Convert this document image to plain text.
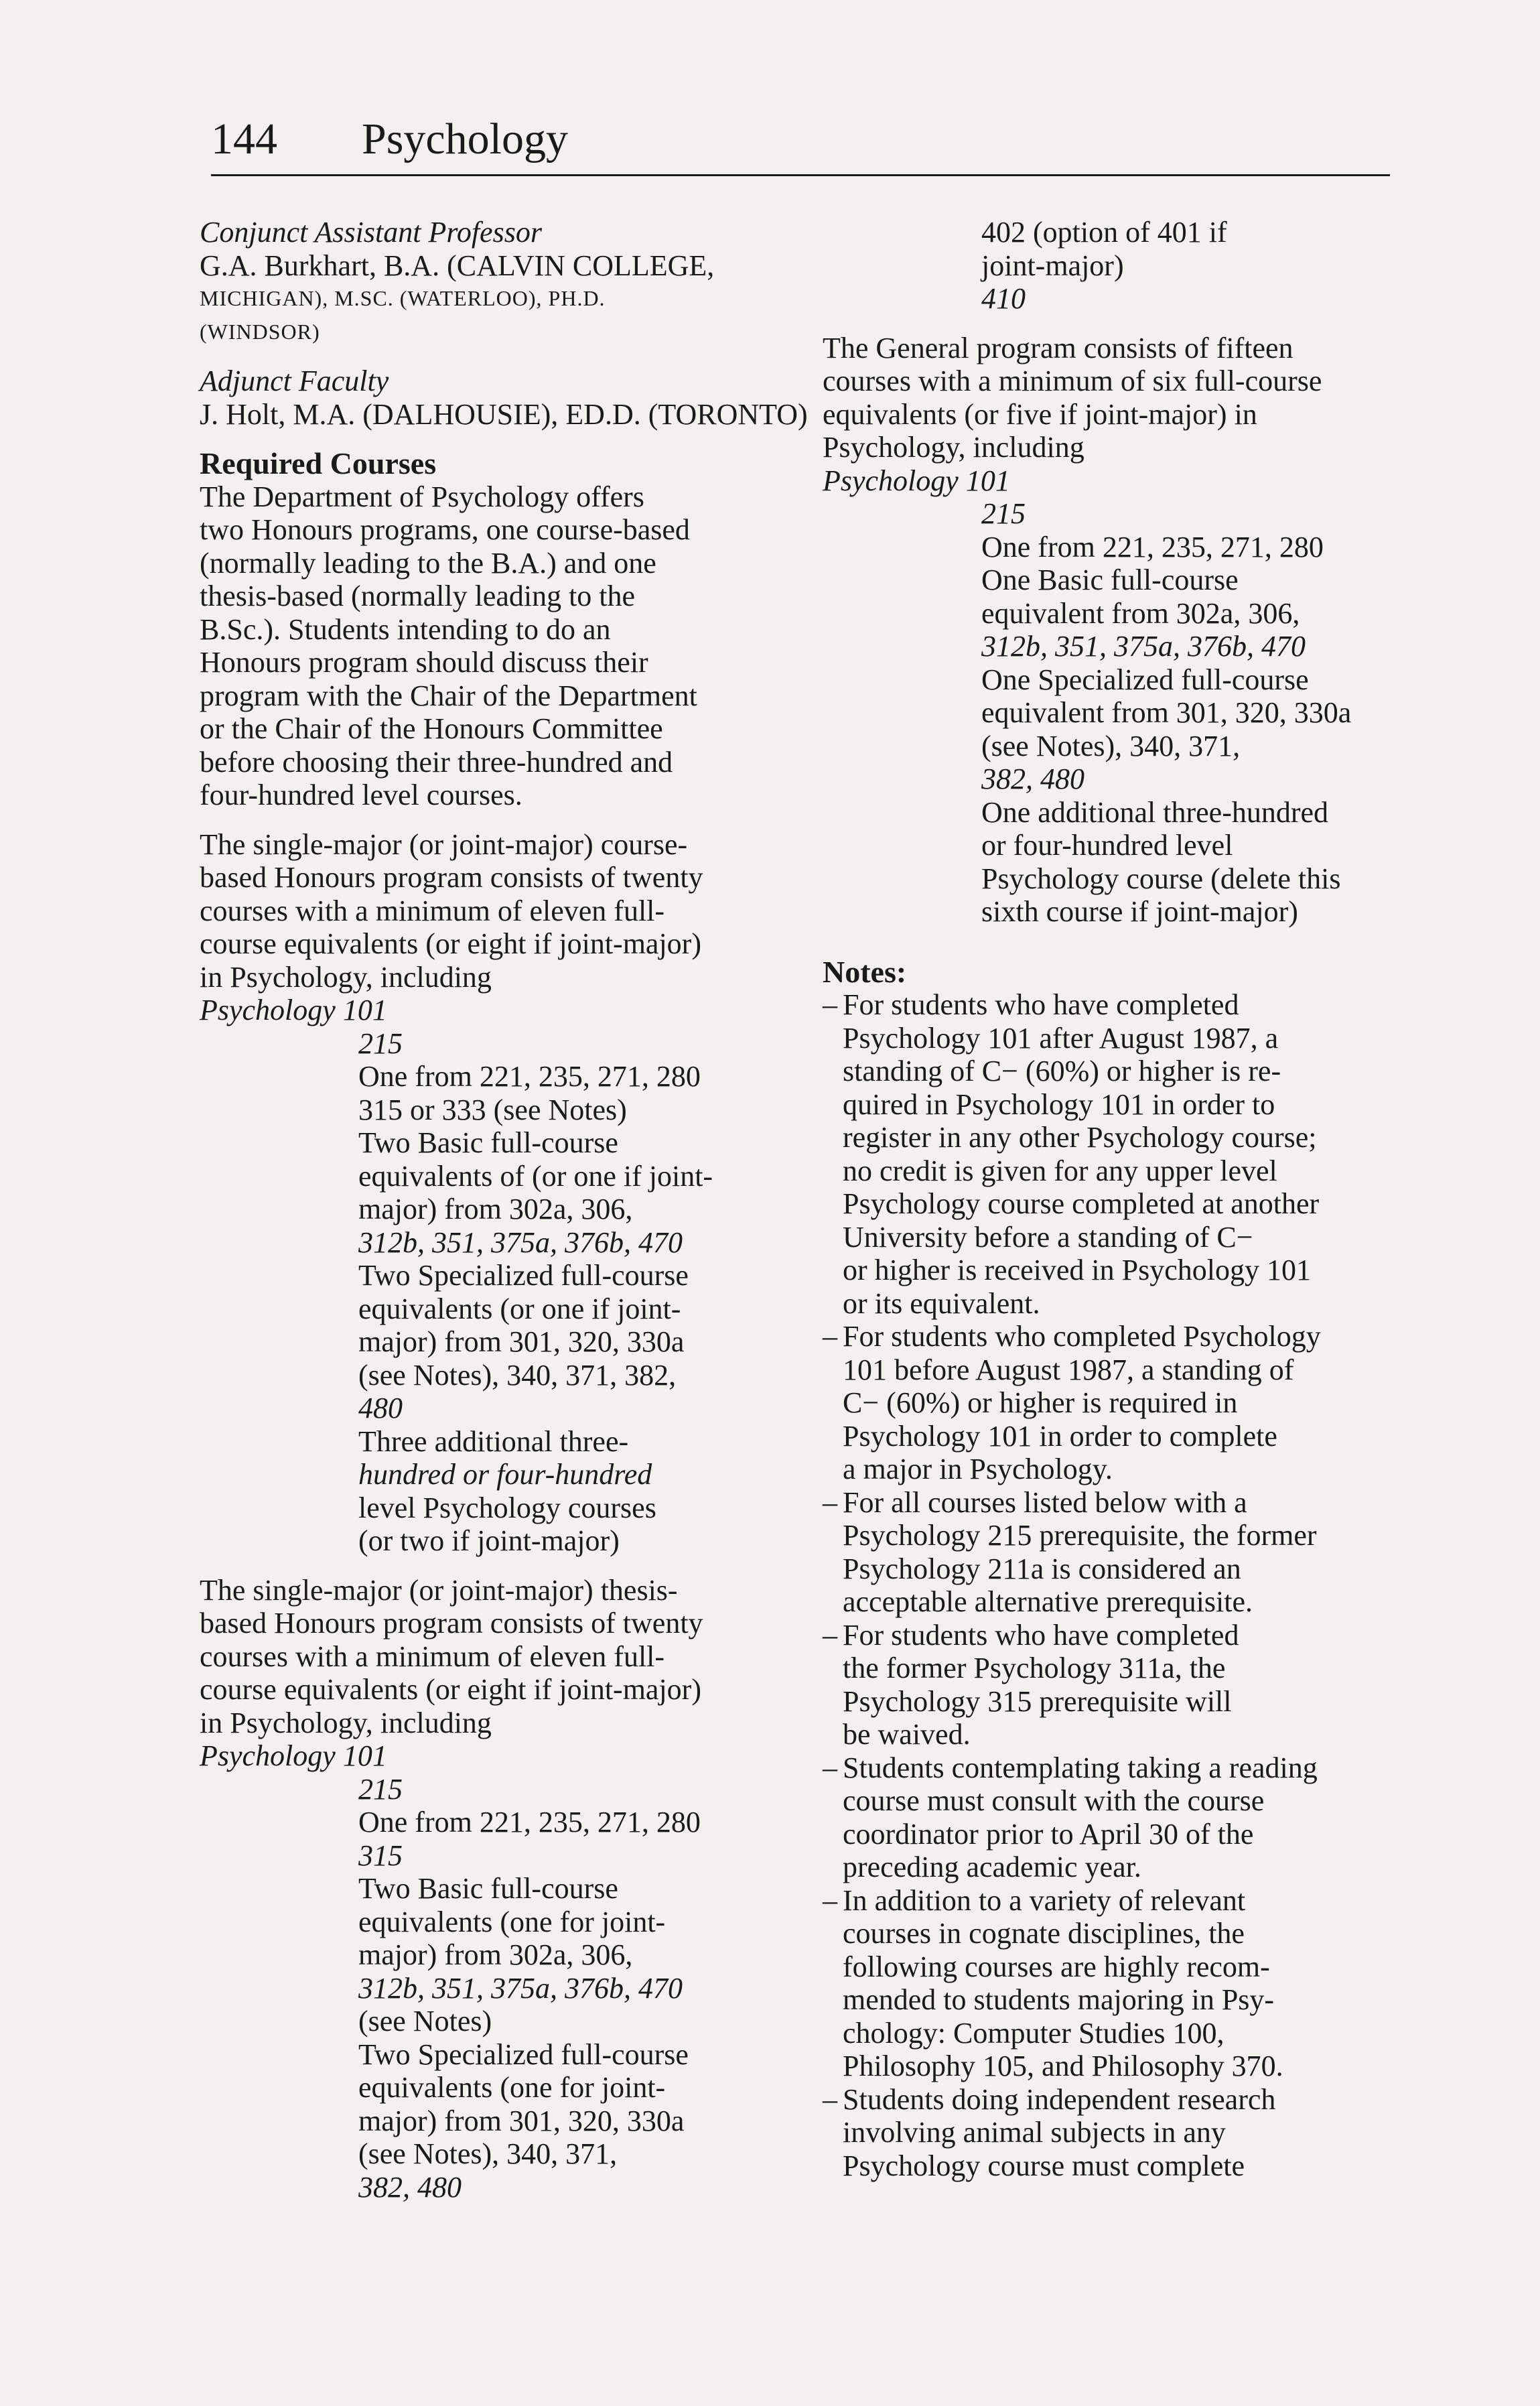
144 Psychology
Conjunct Assistant Professor
G.A. Burkhart, B.A. (CALVIN COLLEGE,
MICHIGAN), M.SC. (WATERLOO), PH.D.
(WINDSOR)
Adjunct Faculty
J. Holt, M.A. (DALHOUSIE), ED.D. (TORONTO)
Required Courses
The Department of Psychology offers
two Honours programs, one course-based
(normally leading to the B.A.) and one
thesis-based (normally leading to the
B.Sc.). Students intending to do an
Honours program should discuss their
program with the Chair of the Department
or the Chair of the Honours Committee
before choosing their three-hundred and
four-hundred level courses.
The single-major (or joint-major) course-
based Honours program consists of twenty
courses with a minimum of eleven full-
course equivalents (or eight if joint-major)
in Psychology, including
Psychology 101
215
One from 221, 235, 271, 280
315 or 333 (see Notes)
Two Basic full-course
equivalents of (or one if joint-
major) from 302a, 306,
312b, 351, 375a, 376b, 470
Two Specialized full-course
equivalents (or one if joint-
major) from 301, 320, 330a
(see Notes), 340, 371, 382,
480
Three additional three-
hundred or four-hundred
level Psychology courses
(or two if joint-major)
The single-major (or joint-major) thesis-
based Honours program consists of twenty
courses with a minimum of eleven full-
course equivalents (or eight if joint-major)
in Psychology, including
Psychology 101
215
One from 221, 235, 271, 280
315
Two Basic full-course
equivalents (one for joint-
major) from 302a, 306,
312b, 351, 375a, 376b, 470
(see Notes)
Two Specialized full-course
equivalents (one for joint-
major) from 301, 320, 330a
(see Notes), 340, 371,
382, 480
402 (option of 401 if
joint-major)
410
The General program consists of fifteen
courses with a minimum of six full-course
equivalents (or five if joint-major) in
Psychology, including
Psychology 101
215
One from 221, 235, 271, 280
One Basic full-course
equivalent from 302a, 306,
312b, 351, 375a, 376b, 470
One Specialized full-course
equivalent from 301, 320, 330a
(see Notes), 340, 371,
382, 480
One additional three-hundred
or four-hundred level
Psychology course (delete this
sixth course if joint-major)
Notes:
– For students who have completed
Psychology 101 after August 1987, a
standing of C− (60%) or higher is re-
quired in Psychology 101 in order to
register in any other Psychology course;
no credit is given for any upper level
Psychology course completed at another
University before a standing of C−
or higher is received in Psychology 101
or its equivalent.
– For students who completed Psychology
101 before August 1987, a standing of
C− (60%) or higher is required in
Psychology 101 in order to complete
a major in Psychology.
– For all courses listed below with a
Psychology 215 prerequisite, the former
Psychology 211a is considered an
acceptable alternative prerequisite.
– For students who have completed
the former Psychology 311a, the
Psychology 315 prerequisite will
be waived.
– Students contemplating taking a reading
course must consult with the course
coordinator prior to April 30 of the
preceding academic year.
– In addition to a variety of relevant
courses in cognate disciplines, the
following courses are highly recom-
mended to students majoring in Psy-
chology: Computer Studies 100,
Philosophy 105, and Philosophy 370.
– Students doing independent research
involving animal subjects in any
Psychology course must complete
